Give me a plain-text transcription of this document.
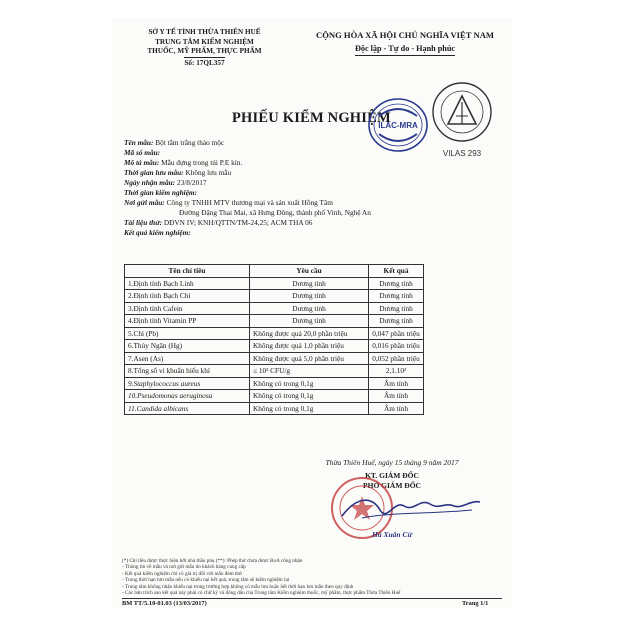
SỞ Y TẾ TỈNH THỪA THIÊN HUẾ
TRUNG TÂM KIỂM NGHIỆM
THUỐC, MỸ PHẨM, THỰC PHẨM
Số: 17QL357
CỘNG HÒA XÃ HỘI CHỦ NGHĨA VIỆT NAM
Độc lập - Tự do - Hạnh phúc
PHIẾU KIỂM NGHIỆM
ILAC-MRA
VILAS 293
Tên mẫu: Bột tắm trắng thảo mộc
Mã số mẫu:
Mô tả mẫu: Mẫu đựng trong túi P.E kín.
Thời gian lưu mẫu: Không lưu mẫu
Ngày nhận mẫu: 23/8/2017
Thời gian kiểm nghiệm:
Nơi gửi mẫu: Công ty TNHH MTV thương mại và sản xuất Hồng Tâm
Đường Đặng Thai Mai, xã Hưng Đông, thành phố Vinh, Nghệ An
Tài liệu thử: DĐVN IV; KNH/QTTN/TM-24,25; ACM THA 06
Kết quả kiểm nghiệm:
Tên chỉ tiêu	Yêu cầu	Kết quả
1.Định tính Bạch Linh	Dương tính	Dương tính
2.Định tính Bạch Chỉ	Dương tính	Dương tính
3.Định tính Cafein	Dương tính	Dương tính
4.Định tính Vitamin PP	Dương tính	Dương tính
5.Chì (Pb)	Không được quá 20,0 phần triệu	0,047 phần triệu
6.Thủy Ngân (Hg)	Không được quá 1,0 phần triệu	0,016 phần triệu
7.Asen (As)	Không được quá 5,0 phần triệu	0,052 phần triệu
8.Tổng số vi khuẩn hiếu khí	≤ 10³ CFU/g	2,1.10²
9.Staphylococcus aureus	Không có trong 0,1g	Âm tính
10.Pseudomonas aeruginosa	Không có trong 0,1g	Âm tính
11.Candida albicans	Không có trong 0,1g	Âm tính
Thừa Thiên Huế, ngày 15 tháng 9 năm 2017
KT. GIÁM ĐỐC
PHÓ GIÁM ĐỐC
Hà Xuân Cừ
(*) Chỉ tiêu được thực hiện bởi nhà thầu phụ (**): Phép thử chưa được BoA công nhận
- Thông tin về mẫu và nơi gửi mẫu do khách hàng cung cấp
- Kết quả kiểm nghiệm chỉ có giá trị đối với mẫu đem thử
- Trong thời hạn lưu mẫu nếu có khiếu nại kết quả, trung tâm sẽ kiểm nghiệm lại
- Trung tâm không nhận khiếu nại trong trường hợp không có mẫu lưu hoặc hết thời hạn lưu mẫu theo quy định
- Các bản trích sao kết quả này phải có chữ ký và đóng dấu của Trung tâm Kiểm nghiệm thuốc, mỹ phẩm, thực phẩm Thừa Thiên Huế
BM TT/5.10-01.03 (13/03/2017)	Trang 1/1
